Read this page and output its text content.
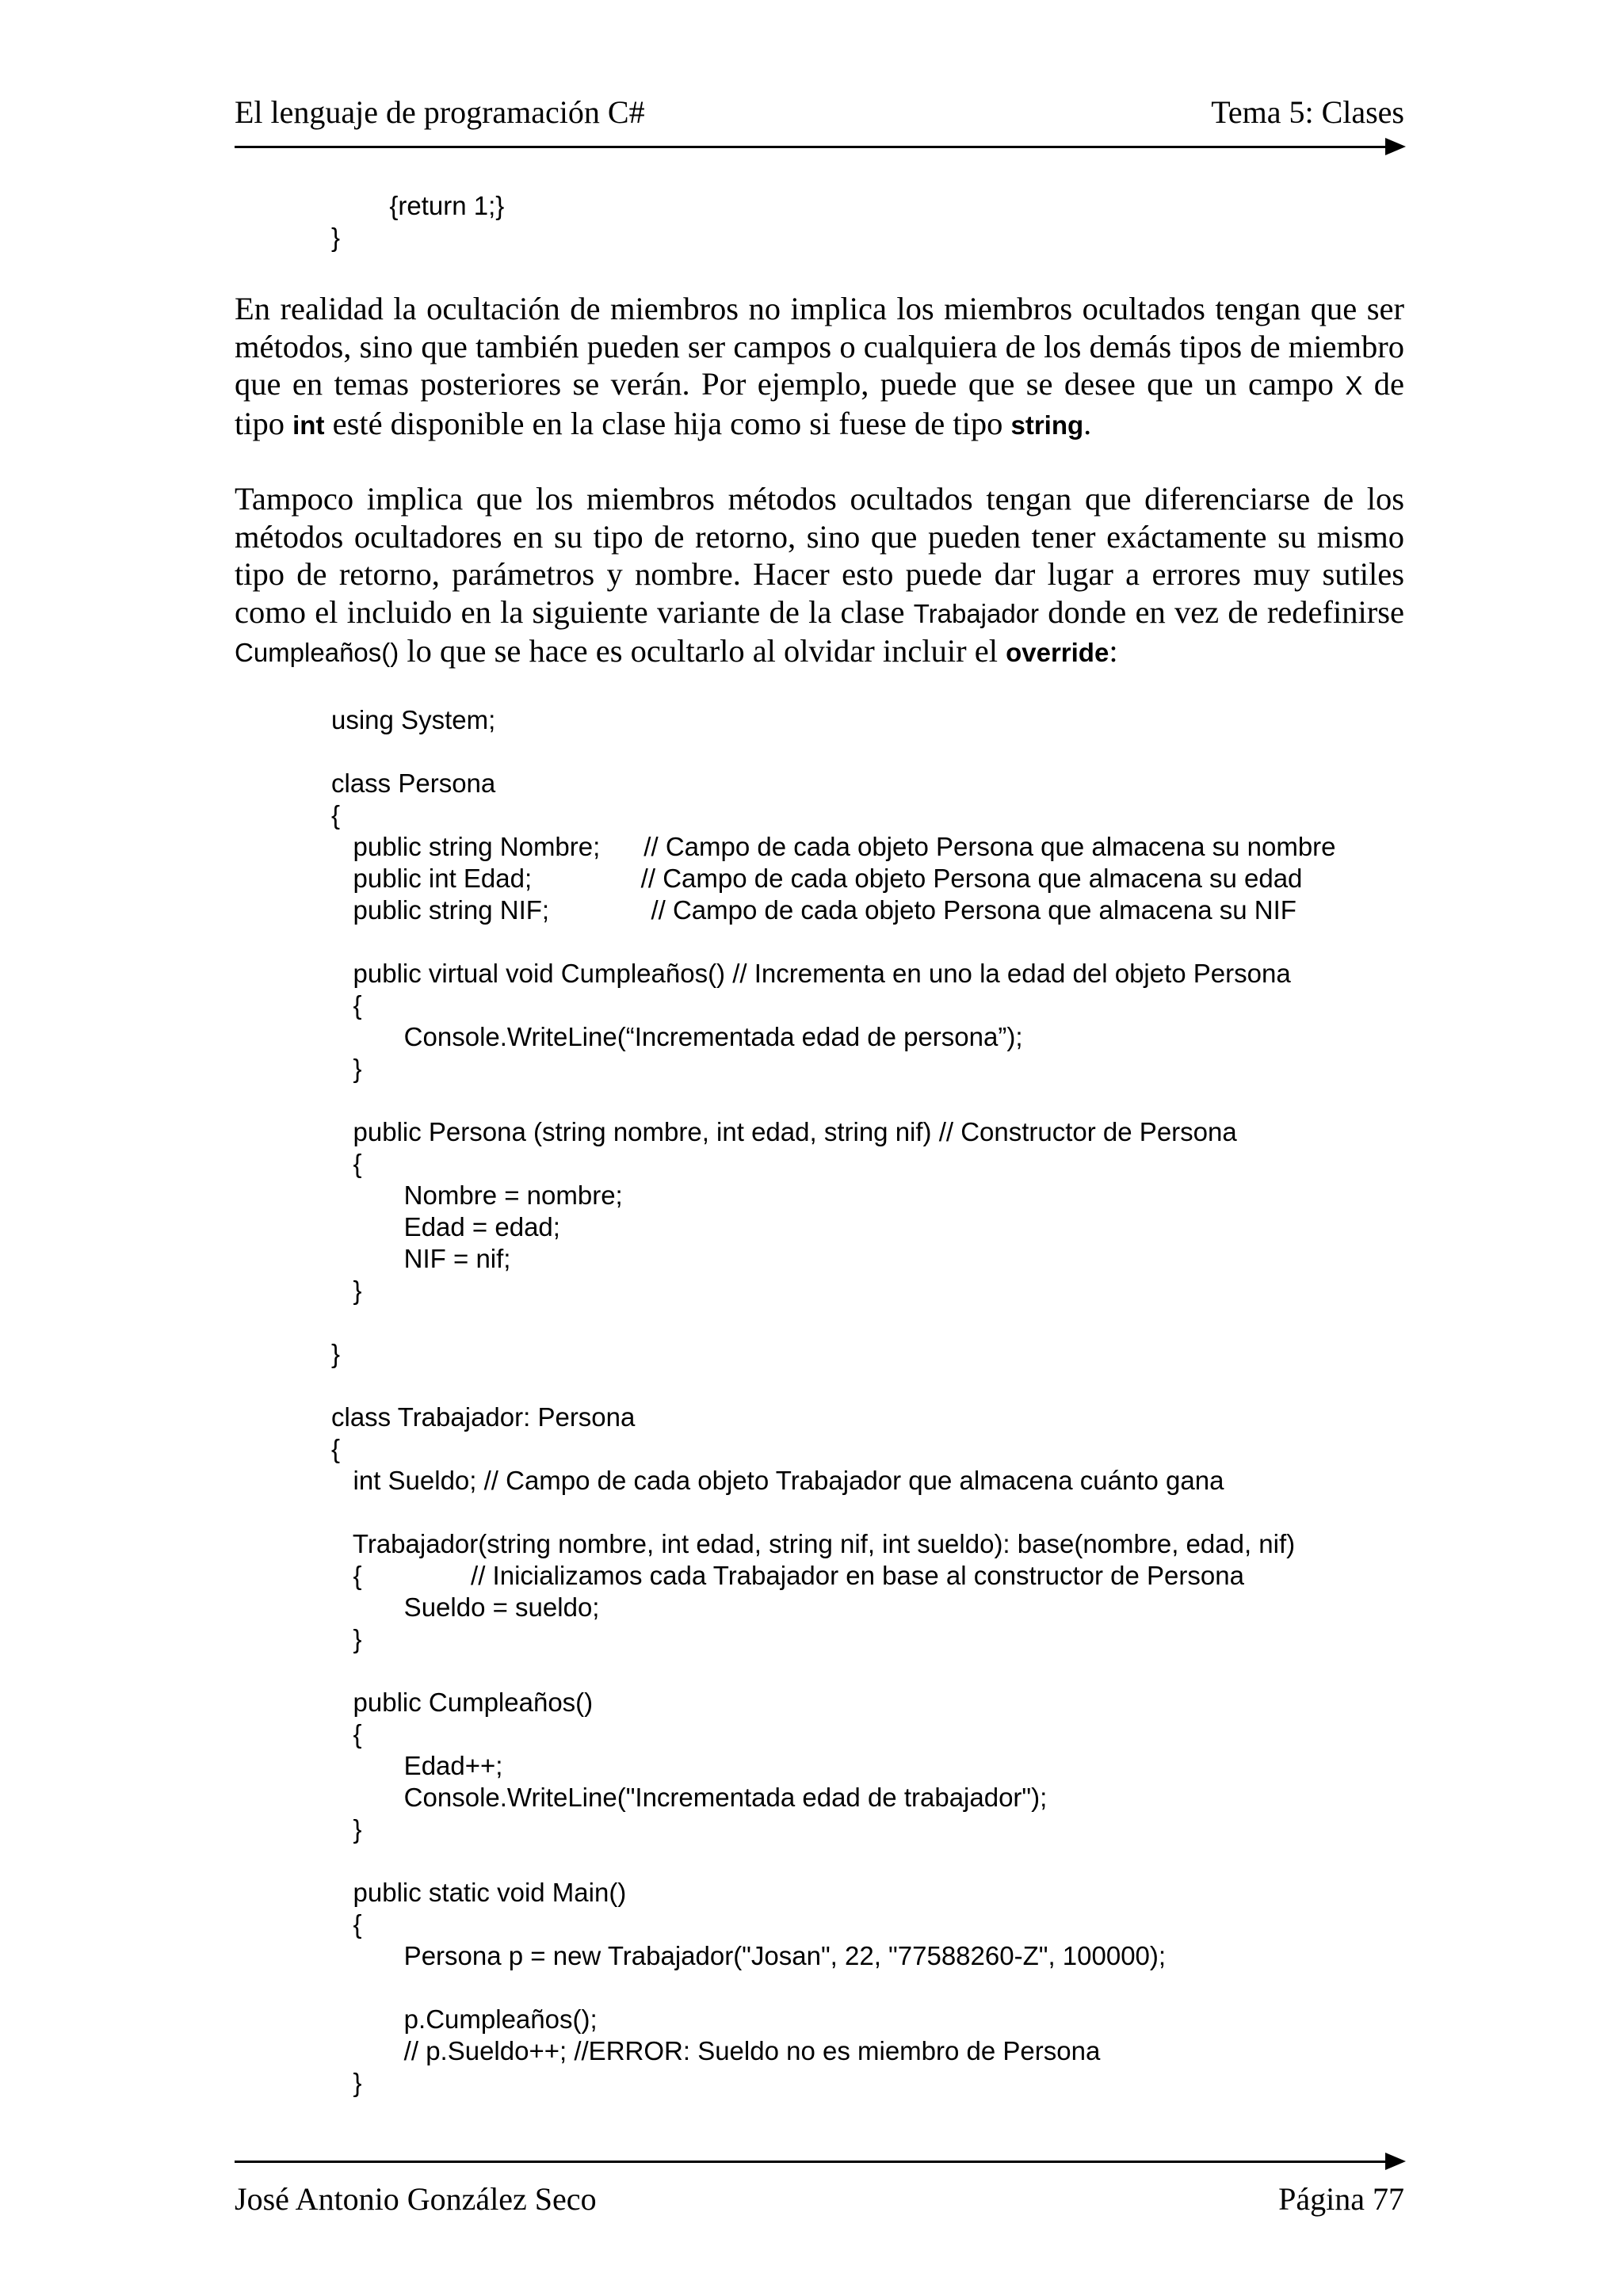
El lenguaje de programación C#	Tema 5: Clases
{return 1;}
}

En realidad la ocultación de miembros no implica los miembros ocultados tengan que ser métodos, sino que también pueden ser campos o cualquiera de los demás tipos de miembro que en temas posteriores se verán. Por ejemplo, puede que se desee que un campo X de tipo int esté disponible en la clase hija como si fuese de tipo string.

Tampoco implica que los miembros métodos ocultados tengan que diferenciarse de los métodos ocultadores en su tipo de retorno, sino que pueden tener exáctamente su mismo tipo de retorno, parámetros y nombre. Hacer esto puede dar lugar a errores muy sutiles como el incluido en la siguiente variante de la clase Trabajador donde en vez de redefinirse Cumpleaños() lo que se hace es ocultarlo al olvidar incluir el override:

using System;

class Persona
{
public string Nombre;      // Campo de cada objeto Persona que almacena su nombre
public int Edad;               // Campo de cada objeto Persona que almacena su edad
public string NIF;              // Campo de cada objeto Persona que almacena su NIF

public virtual void Cumpleaños() // Incrementa en uno la edad del objeto Persona
{
Console.WriteLine(“Incrementada edad de persona”);
}

public Persona (string nombre, int edad, string nif) // Constructor de Persona
{
Nombre = nombre;
Edad = edad;
NIF = nif;
}

}

class Trabajador: Persona
{
int Sueldo; // Campo de cada objeto Trabajador que almacena cuánto gana

Trabajador(string nombre, int edad, string nif, int sueldo): base(nombre, edad, nif)
{               // Inicializamos cada Trabajador en base al constructor de Persona
Sueldo = sueldo;
}

public Cumpleaños()
{
Edad++;
Console.WriteLine("Incrementada edad de trabajador");
}

public static void Main()
{
Persona p = new Trabajador("Josan", 22, "77588260-Z", 100000);

p.Cumpleaños();
// p.Sueldo++; //ERROR: Sueldo no es miembro de Persona
}
José Antonio González Seco	Página 77
